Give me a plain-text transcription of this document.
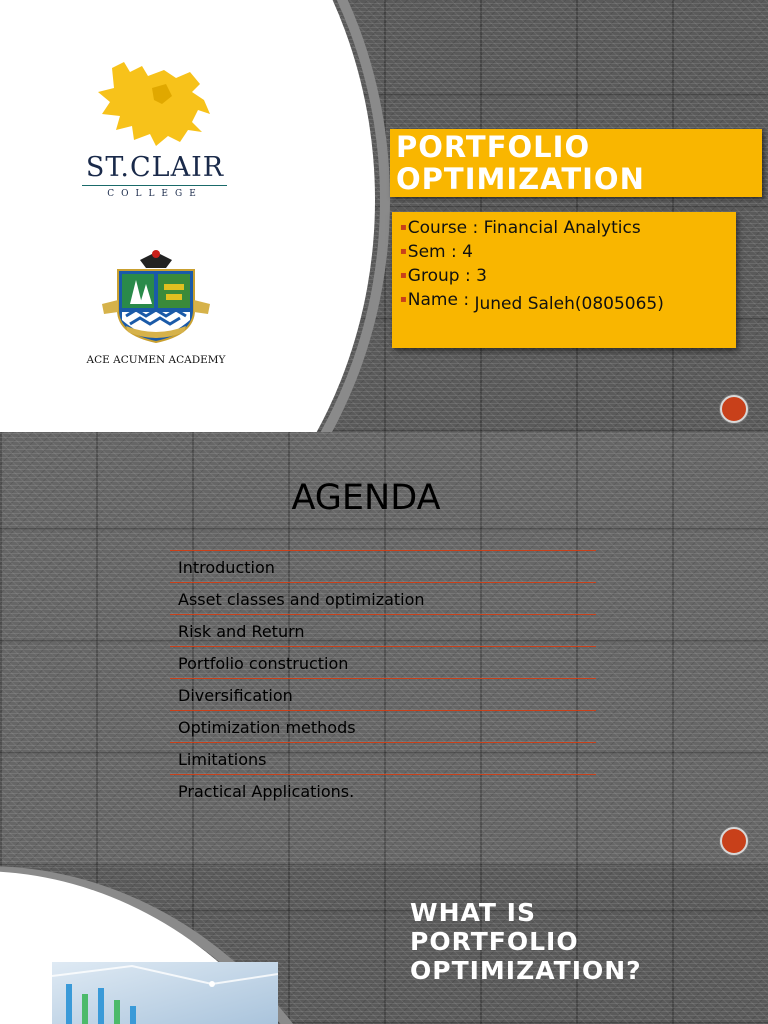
ST.CLAIR
COLLEGE
ACE ACUMEN ACADEMY
PORTFOLIO
OPTIMIZATION
▪Course : Financial Analytics
▪Sem : 4
▪Group : 3
▪Name : Juned Saleh(0805065)
AGENDA
Introduction
Asset classes and optimization
Risk and Return
Portfolio construction
Diversification
Optimization methods
Limitations
Practical Applications.
WHAT IS
PORTFOLIO
OPTIMIZATION?
